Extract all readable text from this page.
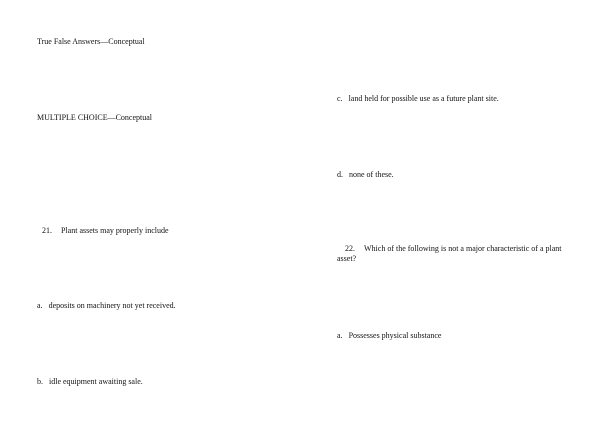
True False Answers—Conceptual
MULTIPLE CHOICE—Conceptual
21. Plant assets may properly include
a. deposits on machinery not yet received.
b. idle equipment awaiting sale.
c. land held for possible use as a future plant site.
d. none of these.
22. Which of the following is not a major characteristic of a plant asset?
a. Possesses physical substance
